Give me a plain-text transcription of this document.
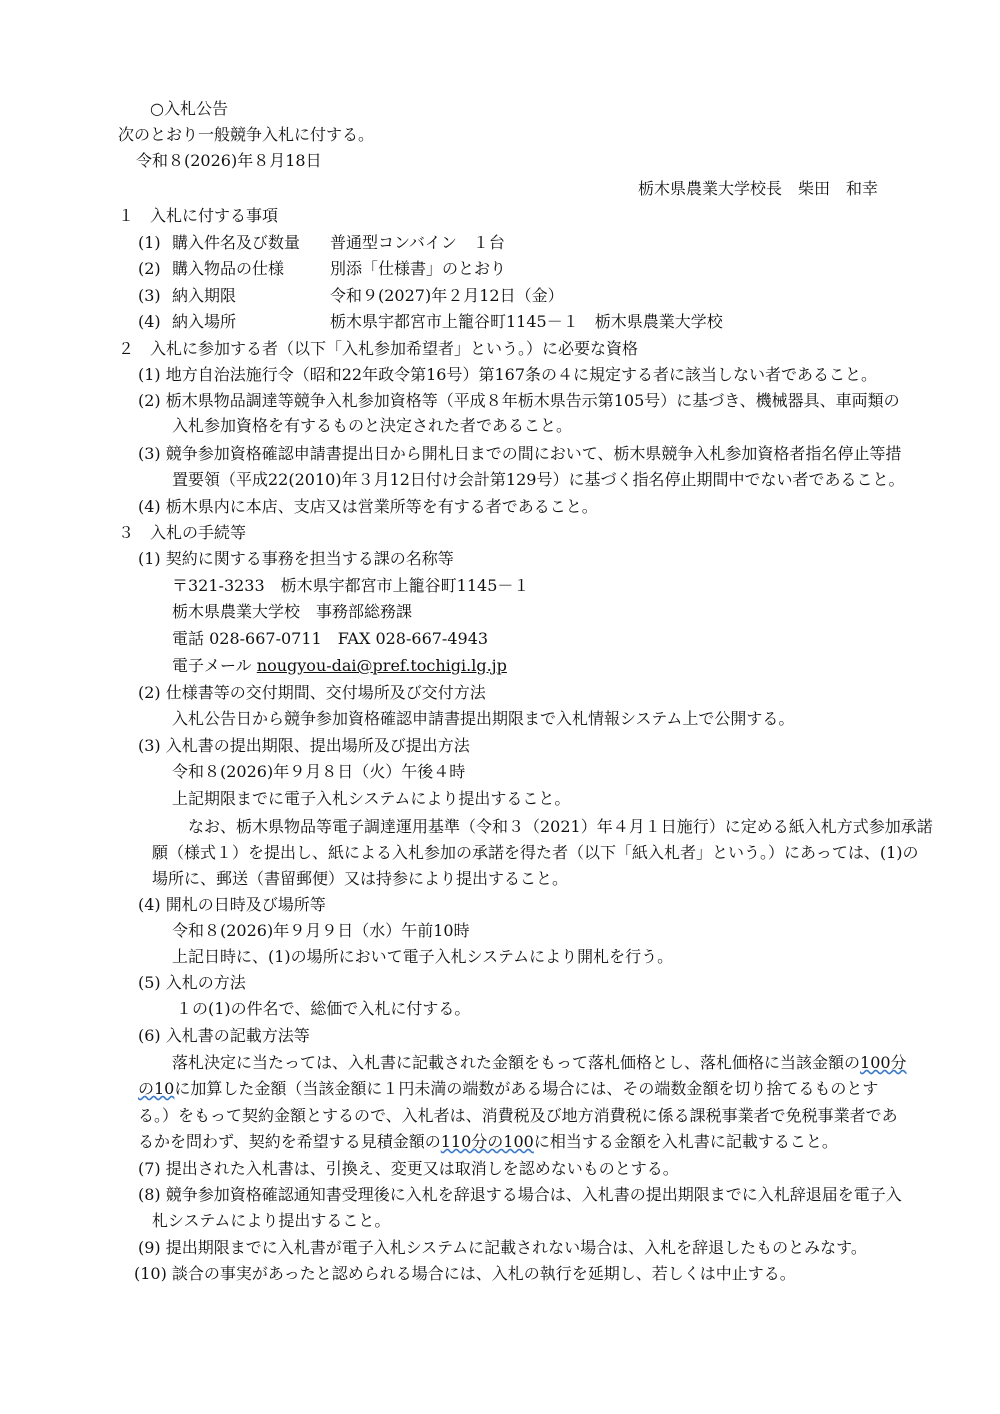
○入札公告
次のとおり一般競争入札に付する。
令和８(2026)年８月18日
栃木県農業大学校長　柴田　和幸
１　入札に付する事項
(1) 購入件名及び数量 普通型コンバイン　１台
(2) 購入物品の仕様	別添「仕様書」のとおり
(3) 納入期限	令和９(2027)年２月12日（金）
(4) 納入場所	栃木県宇都宮市上籠谷町1145－１　栃木県農業大学校
２　入札に参加する者（以下「入札参加希望者」という。）に必要な資格
(1) 地方自治法施行令（昭和22年政令第16号）第167条の４に規定する者に該当しない者であること。
(2) 栃木県物品調達等競争入札参加資格等（平成８年栃木県告示第105号）に基づき、機械器具、車両類の
入札参加資格を有するものと決定された者であること。
(3) 競争参加資格確認申請書提出日から開札日までの間において、栃木県競争入札参加資格者指名停止等措
置要領（平成22(2010)年３月12日付け会計第129号）に基づく指名停止期間中でない者であること。
(4) 栃木県内に本店、支店又は営業所等を有する者であること。
３　入札の手続等
(1) 契約に関する事務を担当する課の名称等
〒321-3233　栃木県宇都宮市上籠谷町1145－１
栃木県農業大学校　事務部総務課
電話 028-667-0711　FAX 028-667-4943
電子メール nougyou-dai@pref.tochigi.lg.jp
(2) 仕様書等の交付期間、交付場所及び交付方法
入札公告日から競争参加資格確認申請書提出期限まで入札情報システム上で公開する。
(3) 入札書の提出期限、提出場所及び提出方法
令和８(2026)年９月８日（火）午後４時
上記期限までに電子入札システムにより提出すること。
なお、栃木県物品等電子調達運用基準（令和３（2021）年４月１日施行）に定める紙入札方式参加承諾
願（様式１）を提出し、紙による入札参加の承諾を得た者（以下「紙入札者」という。）にあっては、(1)の
場所に、郵送（書留郵便）又は持参により提出すること。
(4) 開札の日時及び場所等
令和８(2026)年９月９日（水）午前10時
上記日時に、(1)の場所において電子入札システムにより開札を行う。
(5) 入札の方法
１の(1)の件名で、総価で入札に付する。
(6) 入札書の記載方法等
落札決定に当たっては、入札書に記載された金額をもって落札価格とし、落札価格に当該金額の100分
の10に加算した金額（当該金額に１円未満の端数がある場合には、その端数金額を切り捨てるものとす
る。）をもって契約金額とするので、入札者は、消費税及び地方消費税に係る課税事業者で免税事業者であ
るかを問わず、契約を希望する見積金額の110分の100に相当する金額を入札書に記載すること。
(7) 提出された入札書は、引換え、変更又は取消しを認めないものとする。
(8) 競争参加資格確認通知書受理後に入札を辞退する場合は、入札書の提出期限までに入札辞退届を電子入
札システムにより提出すること。
(9) 提出期限までに入札書が電子入札システムに記載されない場合は、入札を辞退したものとみなす。
(10) 談合の事実があったと認められる場合には、入札の執行を延期し、若しくは中止する。
